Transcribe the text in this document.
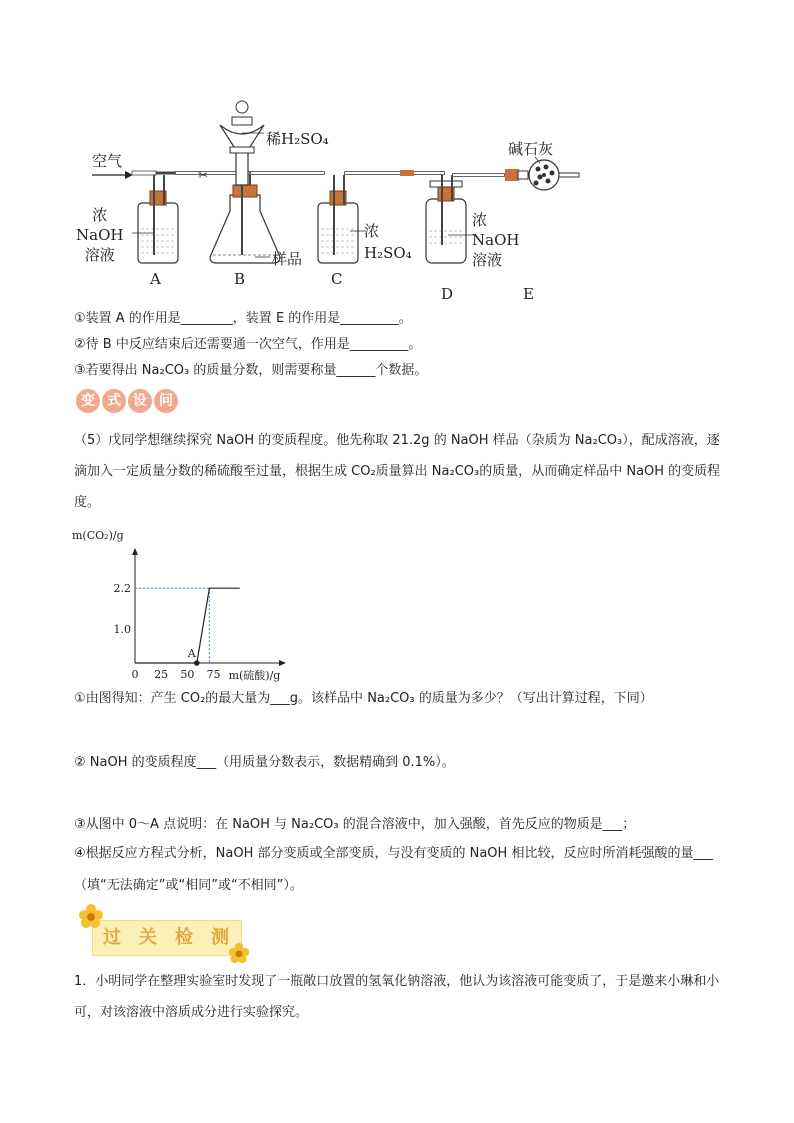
✂
空气
稀H₂SO₄
碱石灰
样品
浓
NaOH
溶液
浓
H₂SO₄
浓
NaOH
溶液
A	B	C
D	E
①装置 A 的作用是________，装置 E 的作用是_________。
②待 B 中反应结束后还需要通一次空气，作用是_________。
③若要得出 Na₂CO₃ 的质量分数，则需要称量______个数据。
变 式 设 问
（5）戊同学想继续探究 NaOH 的变质程度。他先称取 21.2g 的 NaOH 样品（杂质为 Na₂CO₃），配成溶液，逐滴加入一定质量分数的稀硫酸至过量，根据生成 CO₂质量算出 Na₂CO₃的质量，从而确定样品中 NaOH 的变质程度。
m(CO₂)/g
0 25 50 75 m(硫酸)/g
1.0
2.2
A
①由图得知：产生 CO₂的最大量为___g。该样品中 Na₂CO₃ 的质量为多少？（写出计算过程，下同）
② NaOH 的变质程度___（用质量分数表示，数据精确到 0.1%）。
③从图中 0～A 点说明：在 NaOH 与 Na₂CO₃ 的混合溶液中，加入强酸，首先反应的物质是___；
④根据反应方程式分析，NaOH 部分变质或全部变质，与没有变质的 NaOH 相比较，反应时所消耗强酸的量___（填“无法确定”或“相同”或“不相同”）。
过 关 检 测
1．小明同学在整理实验室时发现了一瓶敞口放置的氢氧化钠溶液，他认为该溶液可能变质了，于是邀来小琳和小可，对该溶液中溶质成分进行实验探究。
